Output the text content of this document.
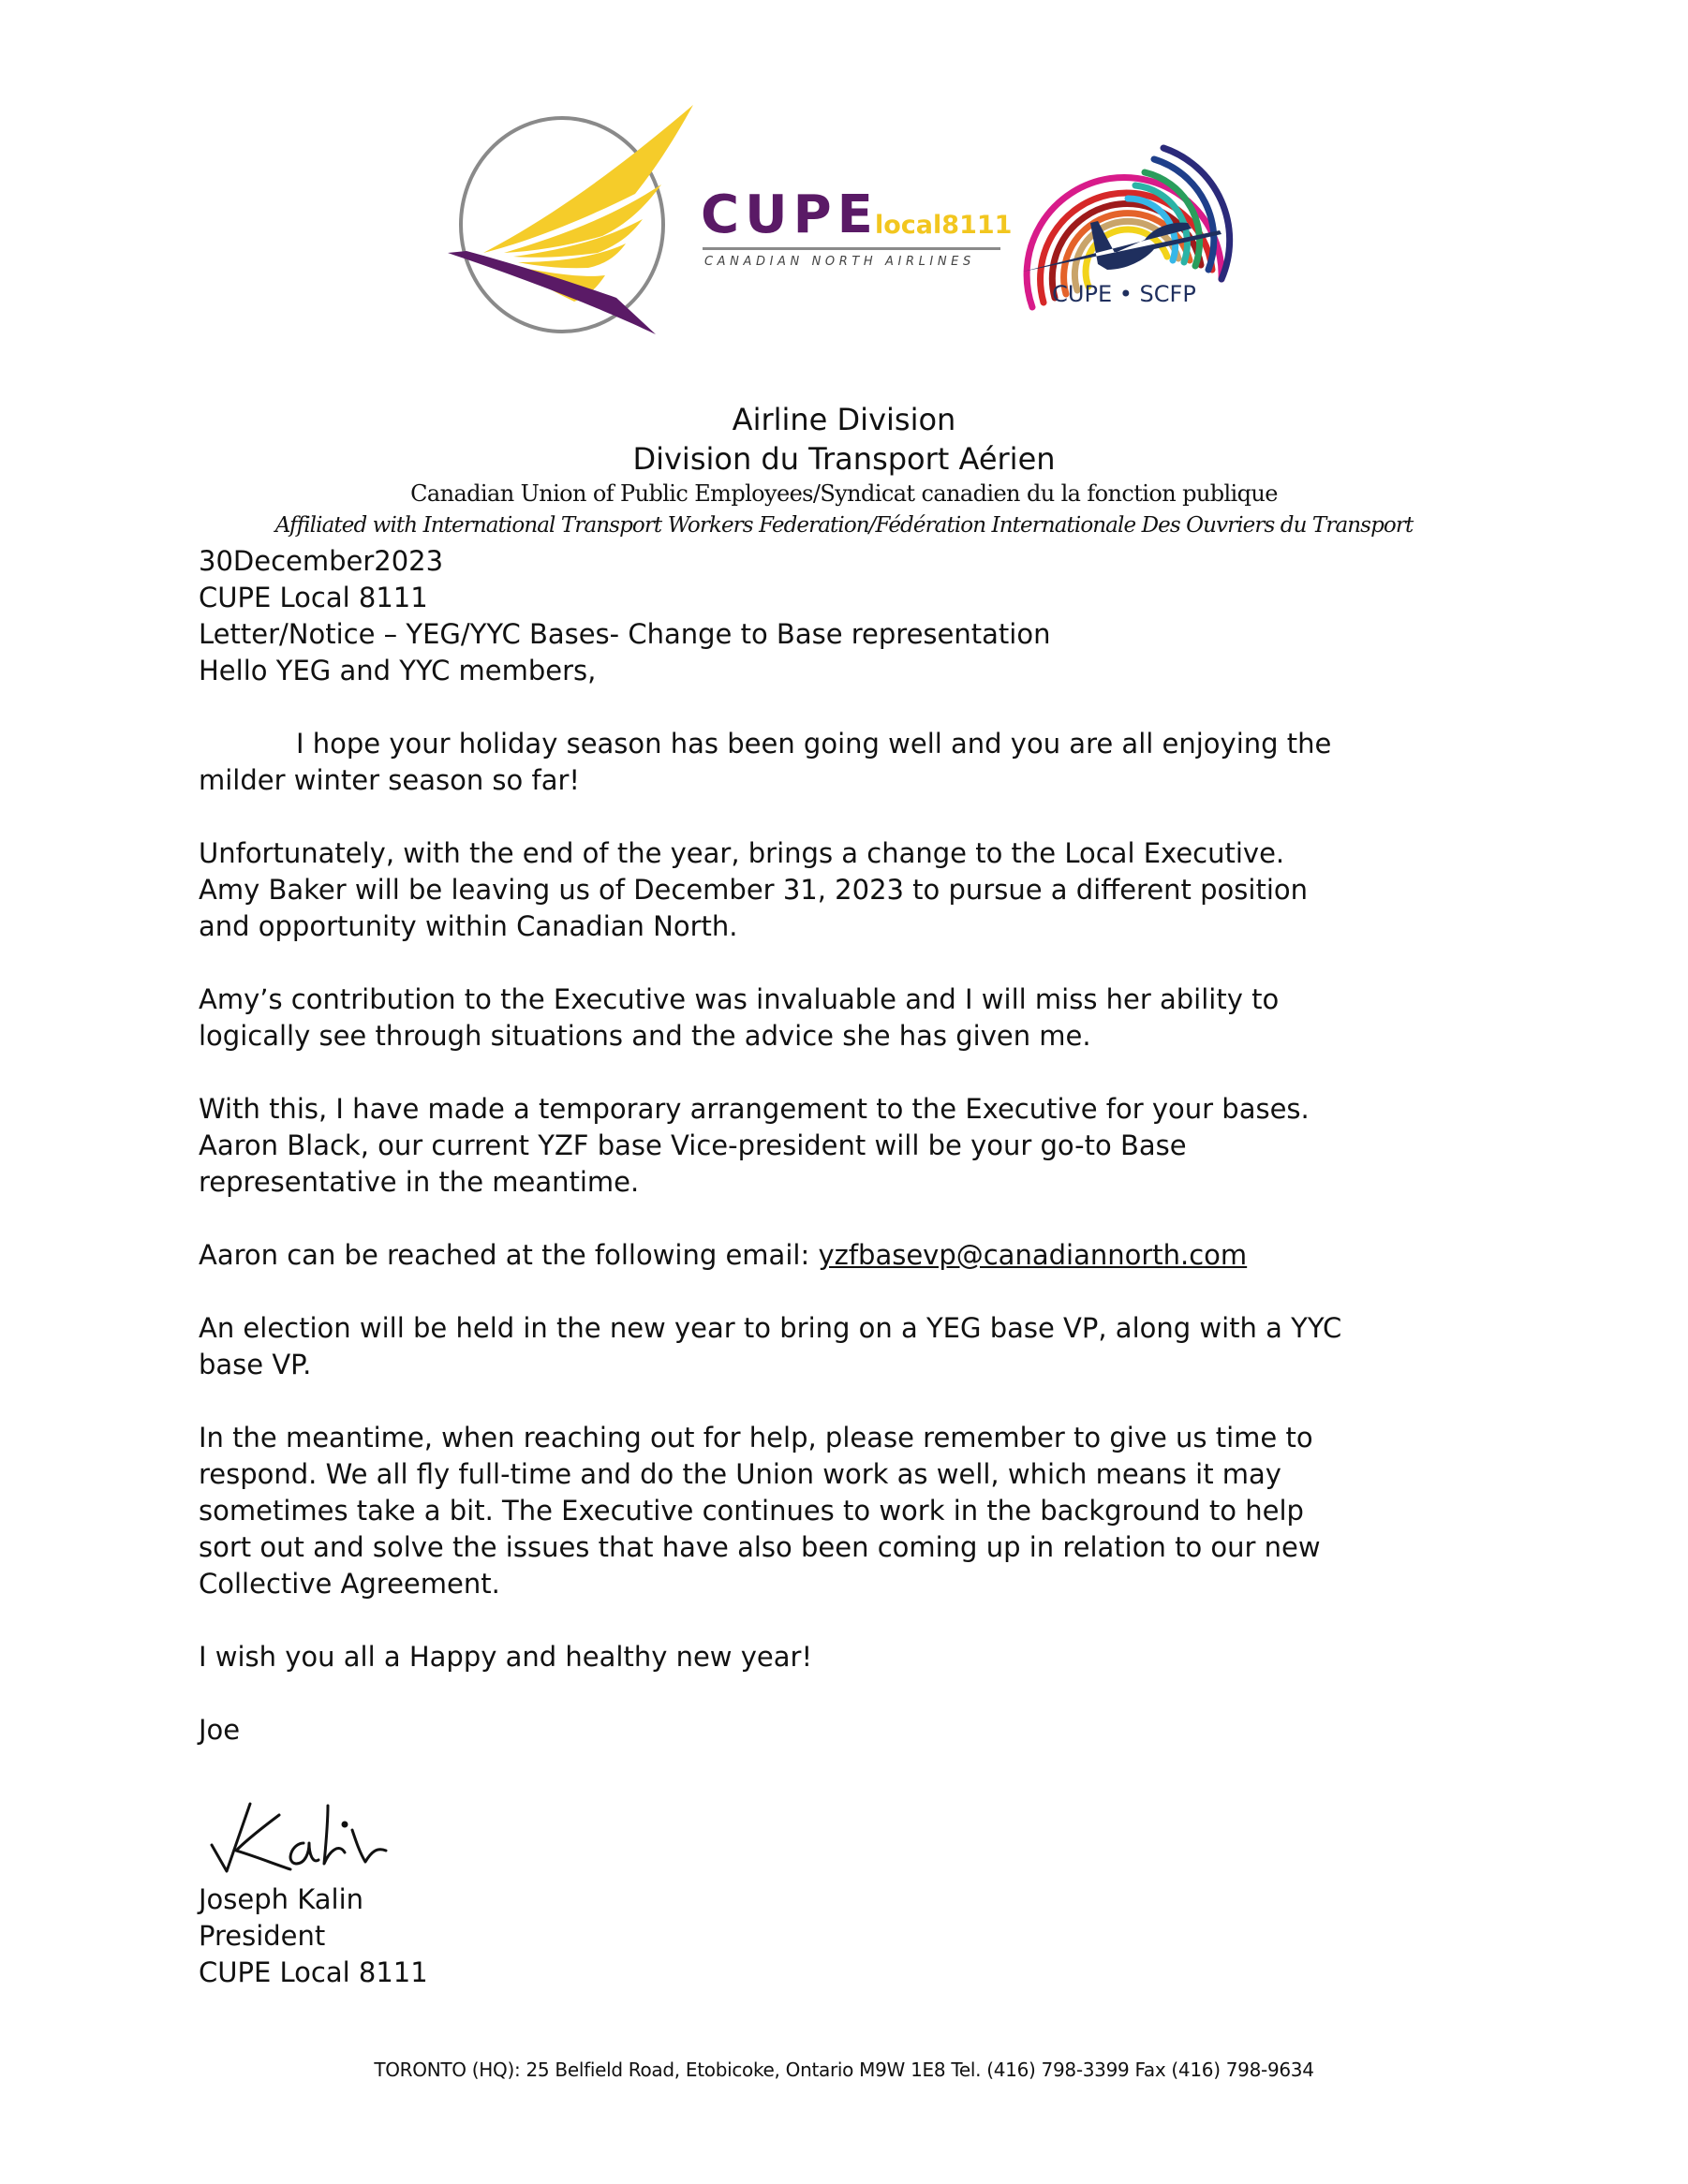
CUPE
local8111
CANADIAN NORTH AIRLINES
CUPE • SCFP
Airline Division
Division du Transport Aérien
Canadian Union of Public Employees/Syndicat canadien du la fonction publique
Affiliated with International Transport Workers Federation/Fédération Internationale Des Ouvriers du Transport
30December2023
CUPE Local 8111
Letter/Notice – YEG/YYC Bases- Change to Base representation
Hello YEG and YYC members,
I hope your holiday season has been going well and you are all enjoying the
milder winter season so far!
Unfortunately, with the end of the year, brings a change to the Local Executive.
Amy Baker will be leaving us of December 31, 2023 to pursue a different position
and opportunity within Canadian North.
Amy’s contribution to the Executive was invaluable and I will miss her ability to
logically see through situations and the advice she has given me.
With this, I have made a temporary arrangement to the Executive for your bases.
Aaron Black, our current YZF base Vice-president will be your go-to Base
representative in the meantime.
Aaron can be reached at the following email: yzfbasevp@canadiannorth.com
An election will be held in the new year to bring on a YEG base VP, along with a YYC
base VP.
In the meantime, when reaching out for help, please remember to give us time to
respond. We all fly full-time and do the Union work as well, which means it may
sometimes take a bit. The Executive continues to work in the background to help
sort out and solve the issues that have also been coming up in relation to our new
Collective Agreement.
I wish you all a Happy and healthy new year!
Joe
Joseph Kalin
President
CUPE Local 8111
TORONTO (HQ): 25 Belfield Road, Etobicoke, Ontario M9W 1E8 Tel. (416) 798-3399 Fax (416) 798-9634
